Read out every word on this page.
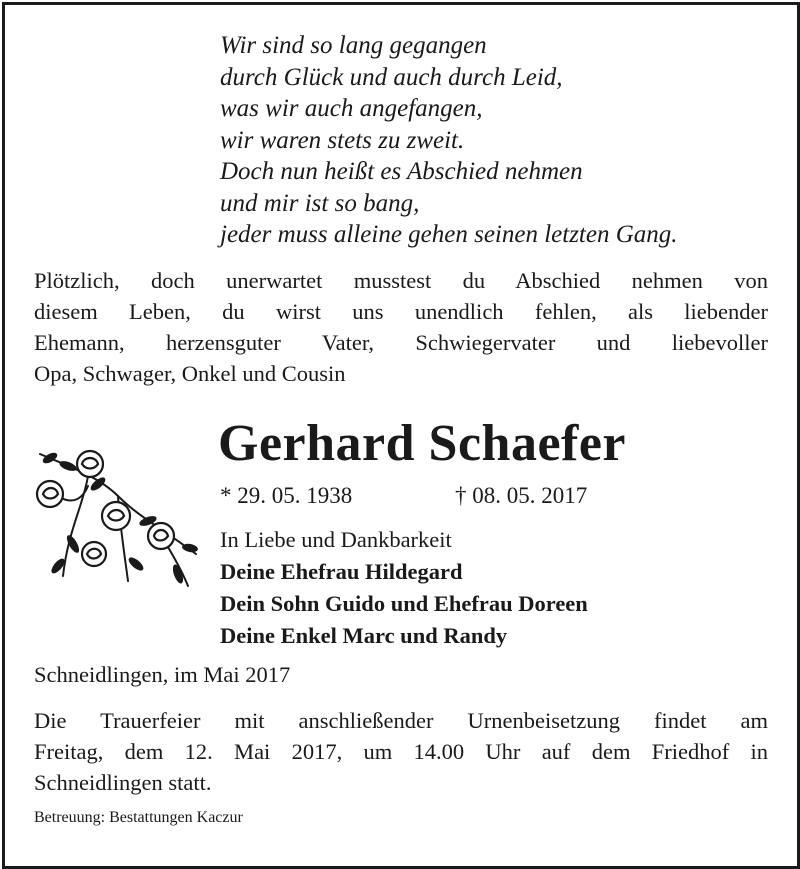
Wir sind so lang gegangen
durch Glück und auch durch Leid,
was wir auch angefangen,
wir waren stets zu zweit.
Doch nun heißt es Abschied nehmen
und mir ist so bang,
jeder muss alleine gehen seinen letzten Gang.
Plötzlich, doch unerwartet musstest du Abschied nehmen von
diesem Leben, du wirst uns unendlich fehlen, als liebender
Ehemann, herzensguter Vater, Schwiegervater und liebevoller
Opa, Schwager, Onkel und Cousin
Gerhard Schaefer
* 29. 05. 1938	† 08. 05. 2017
In Liebe und Dankbarkeit
Deine Ehefrau Hildegard
Dein Sohn Guido und Ehefrau Doreen
Deine Enkel Marc und Randy
Schneidlingen, im Mai 2017
Die Trauerfeier mit anschließender Urnenbeisetzung findet am
Freitag, dem 12. Mai 2017, um 14.00 Uhr auf dem Friedhof in
Schneidlingen statt.
Betreuung: Bestattungen Kaczur
